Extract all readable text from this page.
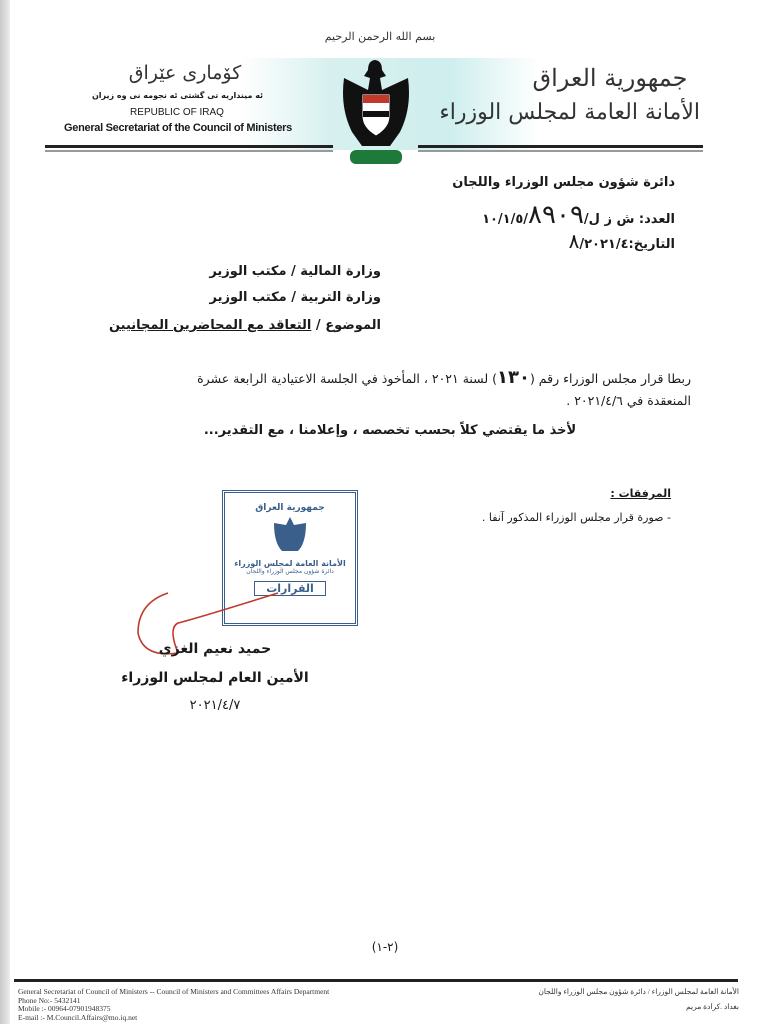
بسم الله الرحمن الرحيم
كۆماری عێراق
ئه مینداریه تی گشتی ئه نجومه نی وه زیران
REPUBLIC OF IRAQ
General Secretariat of the Council of Ministers
جمهورية العراق
الأمانة العامة لمجلس الوزراء
دائرة شؤون مجلس الوزراء واللجان
العدد: ش ز ل/١٠/١/٥/٨٩٠٩
التاريخ:٨/٢٠٢١/٤
وزارة المالية / مكتب الوزير
وزارة التربية / مكتب الوزير
الموضوع / التعاقد مع المحاضرين المجانيين
ربطا قرار مجلس الوزراء رقم (١٣٠) لسنة ٢٠٢١ ، المأخوذ في الجلسة الاعتيادية الرابعة عشرة
المنعقدة في ٢٠٢١/٤/٦ .
لأخذ ما يقتضي كلاً بحسب تخصصه ، وإعلامنا ، مع التقدير...
المرفقات :
- صورة قرار مجلس الوزراء المذكور آنفا .
جمهورية العراق
الأمانة العامة لمجلس الوزراء
دائرة شؤون مجلس الوزراء واللجان
القرارات
حميد نعيم الغزي
الأمين العام لمجلس الوزراء
٢٠٢١/٤/٧
(٢-١)
General Secretariat of Council of Ministers -- Council of Ministers and Committees Affairs Department
Phone No:- 5432141
Mobile :- 00964-07901948375
E-mail :- M.Council.Affairs@mo.iq.net
الأمانة العامة لمجلس الوزراء / دائرة شؤون مجلس الوزراء واللجان
بغداد .كرادة مريم
